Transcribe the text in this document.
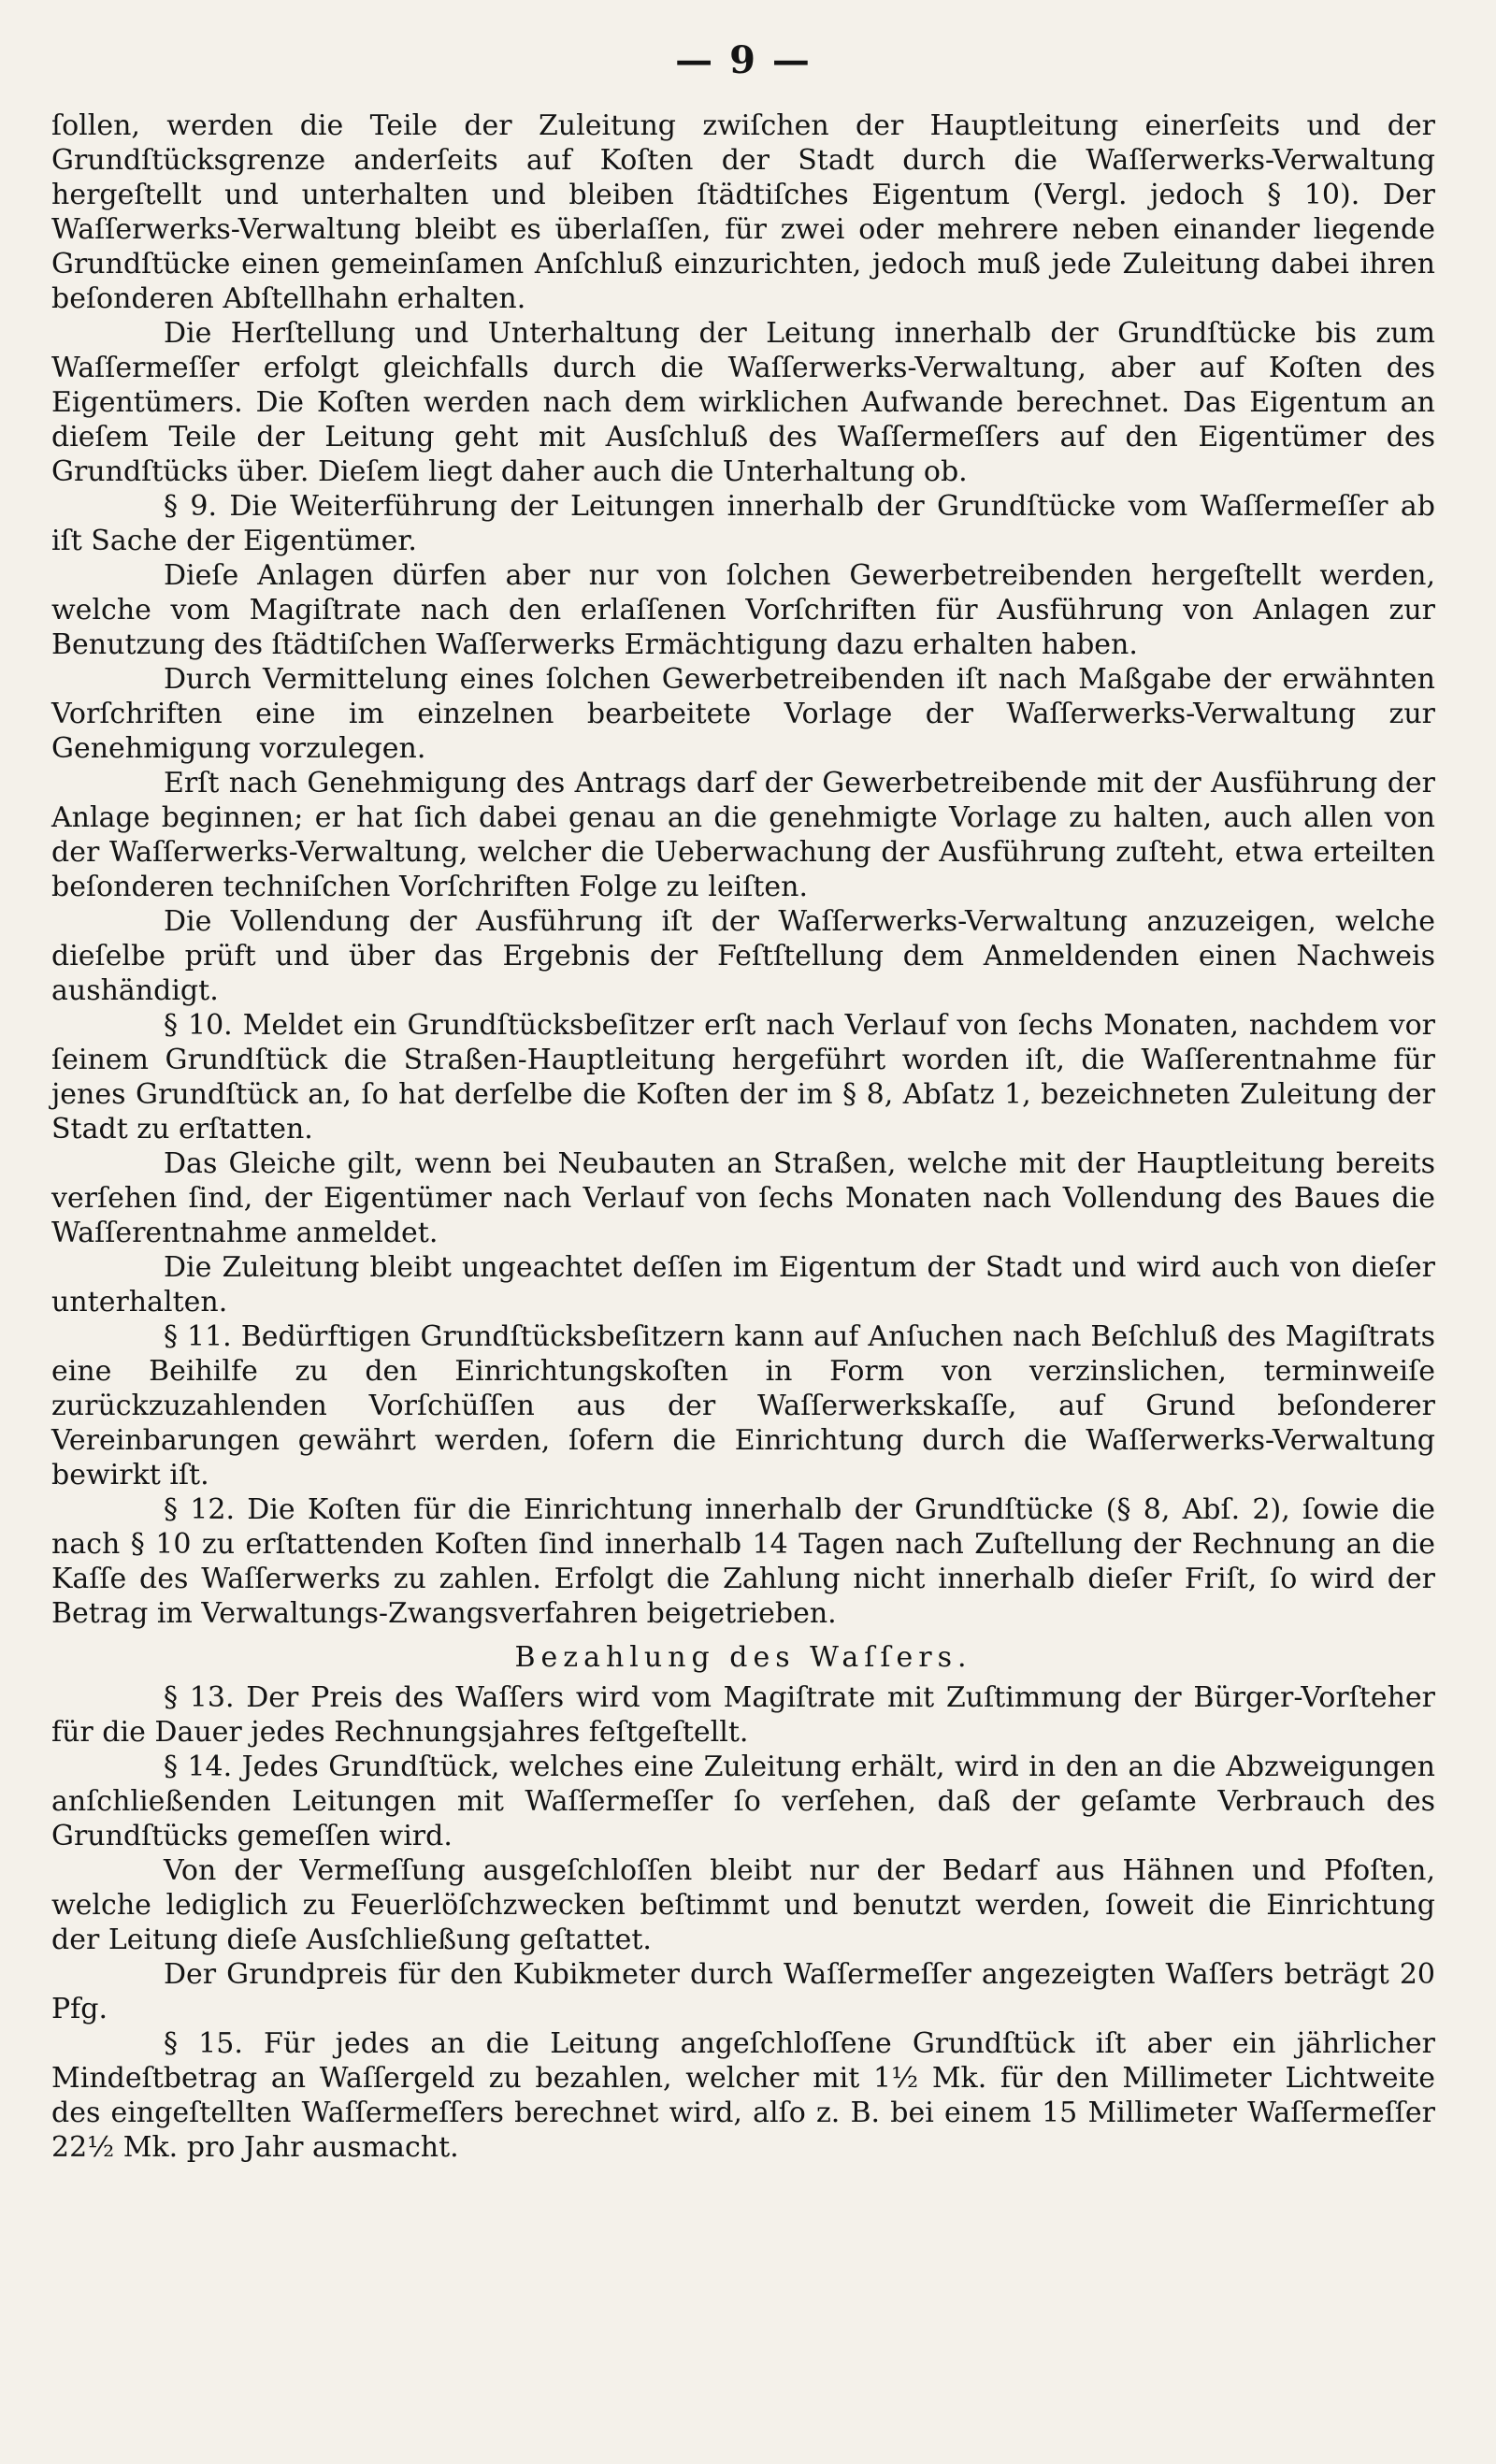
— 9 —

ſollen, werden die Teile der Zuleitung zwiſchen der Hauptleitung einerſeits und der Grundſtücksgrenze anderſeits auf Koſten der Stadt durch die Waſſerwerks-Verwaltung hergeſtellt und unterhalten und bleiben ſtädtiſches Eigentum (Vergl. jedoch § 10). Der Waſſerwerks-Verwaltung bleibt es überlaſſen, für zwei oder mehrere neben einander liegende Grundſtücke einen gemeinſamen Anſchluß einzurichten, jedoch muß jede Zuleitung dabei ihren beſonderen Abſtellhahn erhalten.

Die Herſtellung und Unterhaltung der Leitung innerhalb der Grundſtücke bis zum Waſſermeſſer erfolgt gleichfalls durch die Waſſerwerks-Verwaltung, aber auf Koſten des Eigentümers. Die Koſten werden nach dem wirklichen Aufwande berechnet. Das Eigentum an dieſem Teile der Leitung geht mit Ausſchluß des Waſſermeſſers auf den Eigentümer des Grundſtücks über. Dieſem liegt daher auch die Unterhaltung ob.

§ 9. Die Weiterführung der Leitungen innerhalb der Grundſtücke vom Waſſermeſſer ab iſt Sache der Eigentümer.

Dieſe Anlagen dürfen aber nur von ſolchen Gewerbetreibenden hergeſtellt werden, welche vom Magiſtrate nach den erlaſſenen Vorſchriften für Ausführung von Anlagen zur Benutzung des ſtädtiſchen Waſſerwerks Ermächtigung dazu erhalten haben.

Durch Vermittelung eines ſolchen Gewerbetreibenden iſt nach Maßgabe der erwähnten Vorſchriften eine im einzelnen bearbeitete Vorlage der Waſſerwerks-Verwaltung zur Genehmigung vorzulegen.

Erſt nach Genehmigung des Antrags darf der Gewerbetreibende mit der Ausführung der Anlage beginnen; er hat ſich dabei genau an die genehmigte Vorlage zu halten, auch allen von der Waſſerwerks-Verwaltung, welcher die Ueberwachung der Ausführung zuſteht, etwa erteilten beſonderen techniſchen Vorſchriften Folge zu leiſten.

Die Vollendung der Ausführung iſt der Waſſerwerks-Verwaltung anzuzeigen, welche dieſelbe prüft und über das Ergebnis der Feſtſtellung dem Anmeldenden einen Nachweis aushändigt.

§ 10. Meldet ein Grundſtücksbeſitzer erſt nach Verlauf von ſechs Monaten, nachdem vor ſeinem Grundſtück die Straßen-Hauptleitung hergeführt worden iſt, die Waſſerentnahme für jenes Grundſtück an, ſo hat derſelbe die Koſten der im § 8, Abſatz 1, bezeichneten Zuleitung der Stadt zu erſtatten.

Das Gleiche gilt, wenn bei Neubauten an Straßen, welche mit der Hauptleitung bereits verſehen ſind, der Eigentümer nach Verlauf von ſechs Monaten nach Vollendung des Baues die Waſſerentnahme anmeldet.

Die Zuleitung bleibt ungeachtet deſſen im Eigentum der Stadt und wird auch von dieſer unterhalten.

§ 11. Bedürftigen Grundſtücksbeſitzern kann auf Anſuchen nach Beſchluß des Magiſtrats eine Beihilfe zu den Einrichtungskoſten in Form von verzinslichen, terminweiſe zurückzuzahlenden Vorſchüſſen aus der Waſſerwerkskaſſe, auf Grund beſonderer Vereinbarungen gewährt werden, ſofern die Einrichtung durch die Waſſerwerks-Verwaltung bewirkt iſt.

§ 12. Die Koſten für die Einrichtung innerhalb der Grundſtücke (§ 8, Abſ. 2), ſowie die nach § 10 zu erſtattenden Koſten ſind innerhalb 14 Tagen nach Zuſtellung der Rechnung an die Kaſſe des Waſſerwerks zu zahlen. Erfolgt die Zahlung nicht innerhalb dieſer Friſt, ſo wird der Betrag im Verwaltungs-Zwangsverfahren beigetrieben.

Bezahlung des Waſſers.

§ 13. Der Preis des Waſſers wird vom Magiſtrate mit Zuſtimmung der Bürger-Vorſteher für die Dauer jedes Rechnungsjahres feſtgeſtellt.

§ 14. Jedes Grundſtück, welches eine Zuleitung erhält, wird in den an die Abzweigungen anſchließenden Leitungen mit Waſſermeſſer ſo verſehen, daß der geſamte Verbrauch des Grundſtücks gemeſſen wird.

Von der Vermeſſung ausgeſchloſſen bleibt nur der Bedarf aus Hähnen und Pfoſten, welche lediglich zu Feuerlöſchzwecken beſtimmt und benutzt werden, ſoweit die Einrichtung der Leitung dieſe Ausſchließung geſtattet.

Der Grundpreis für den Kubikmeter durch Waſſermeſſer angezeigten Waſſers beträgt 20 Pfg.

§ 15. Für jedes an die Leitung angeſchloſſene Grundſtück iſt aber ein jährlicher Mindeſtbetrag an Waſſergeld zu bezahlen, welcher mit 1½ Mk. für den Millimeter Lichtweite des eingeſtellten Waſſermeſſers berechnet wird, alſo z. B. bei einem 15 Millimeter Waſſermeſſer 22½ Mk. pro Jahr ausmacht.
